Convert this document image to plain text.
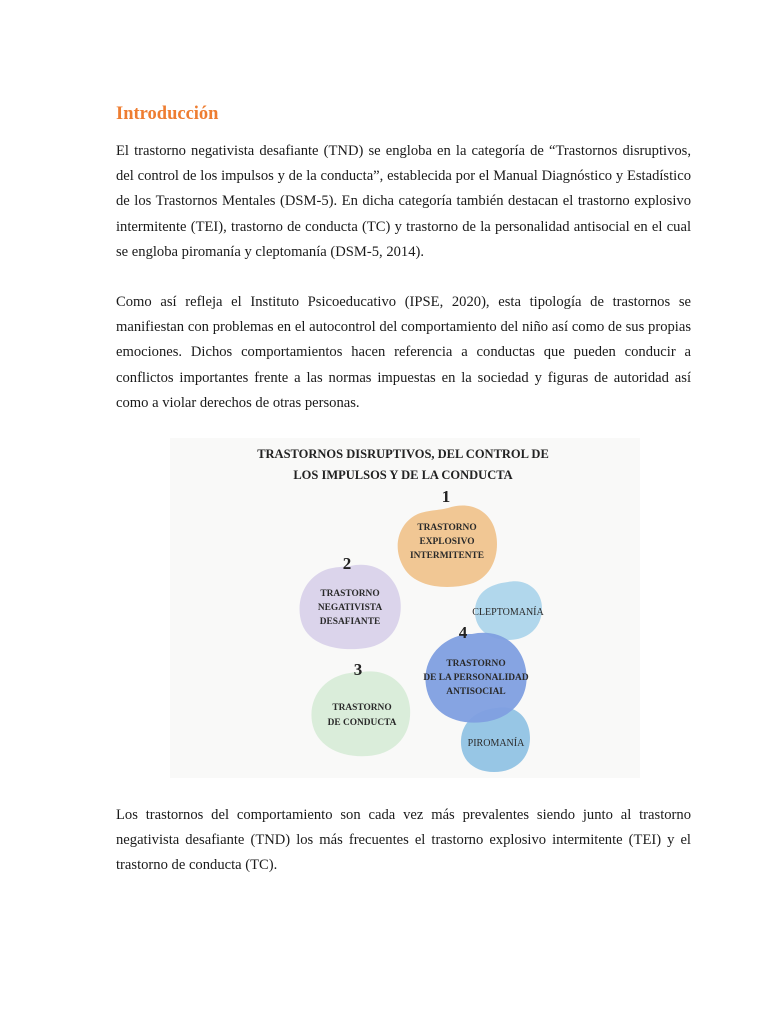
Introducción

El trastorno negativista desafiante (TND) se engloba en la categoría de “Trastornos disruptivos, del control de los impulsos y de la conducta”, establecida por el Manual Diagnóstico y Estadístico de los Trastornos Mentales (DSM-5). En dicha categoría también destacan el trastorno explosivo intermitente (TEI), trastorno de conducta (TC) y trastorno de la personalidad antisocial en el cual se engloba piromanía y cleptomanía (DSM-5, 2014).

Como así refleja el Instituto Psicoeducativo (IPSE, 2020), esta tipología de trastornos se manifiestan con problemas en el autocontrol del comportamiento del niño así como de sus propias emociones. Dichos comportamientos hacen referencia a conductas que pueden conducir a conflictos importantes frente a las normas impuestas en la sociedad y figuras de autoridad así como a violar derechos de otras personas.

TRASTORNOS DISRUPTIVOS, DEL CONTROL DE
LOS IMPULSOS Y DE LA CONDUCTA
1
TRASTORNO
EXPLOSIVO
INTERMITENTE
2
TRASTORNO
NEGATIVISTA
DESAFIANTE
3
TRASTORNO
DE CONDUCTA
CLEPTOMANÍA
PIROMANÍA
4
TRASTORNO
DE LA PERSONALIDAD
ANTISOCIAL

Los trastornos del comportamiento son cada vez más prevalentes siendo junto al trastorno negativista desafiante (TND) los más frecuentes el trastorno explosivo intermitente (TEI) y el trastorno de conducta (TC).
